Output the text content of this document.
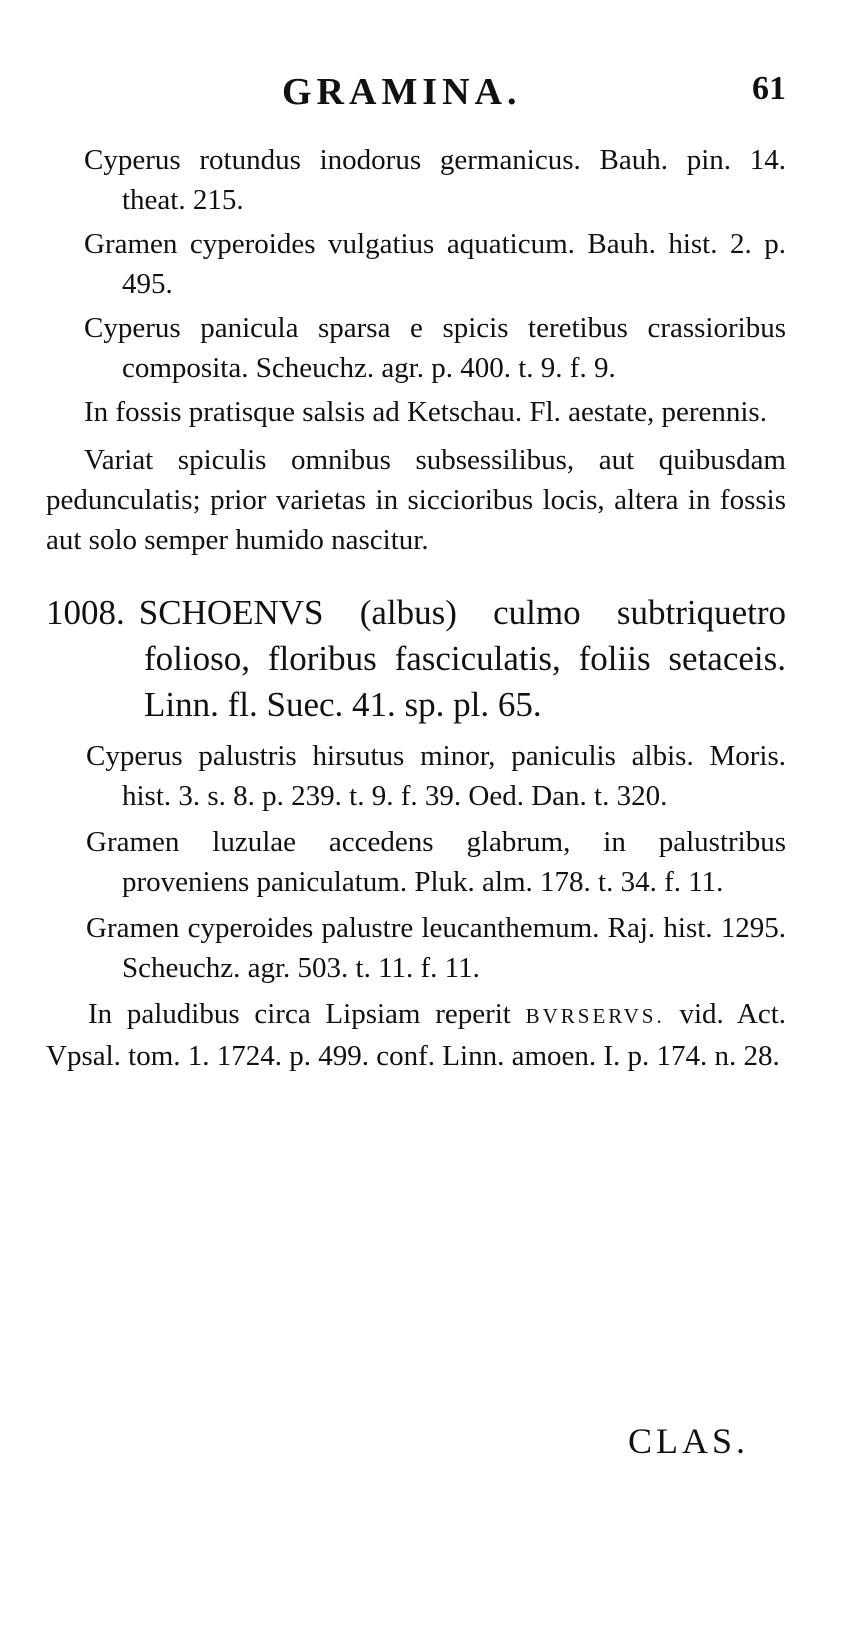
GRAMINA.	61

Cyperus rotundus inodorus germanicus. Bauh. pin. 14. theat. 215.

Gramen cyperoides vulgatius aquaticum. Bauh. hist. 2. p. 495.

Cyperus panicula sparsa e spicis teretibus crassioribus composita. Scheuchz. agr. p. 400. t. 9. f. 9.

In fossis pratisque salsis ad Ketschau. Fl. aestate, perennis.

Variat spiculis omnibus subsessilibus, aut quibusdam pedunculatis; prior varietas in siccioribus locis, altera in fossis aut solo semper humido nascitur.

1008. SCHOENVS (albus) culmo subtriquetro folioso, floribus fasciculatis, foliis setaceis. Linn. fl. Suec. 41. sp. pl. 65.

Cyperus palustris hirsutus minor, paniculis albis. Moris. hist. 3. s. 8. p. 239. t. 9. f. 39. Oed. Dan. t. 320.

Gramen luzulae accedens glabrum, in palustribus proveniens paniculatum. Pluk. alm. 178. t. 34. f. 11.

Gramen cyperoides palustre leucanthemum. Raj. hist. 1295. Scheuchz. agr. 503. t. 11. f. 11.

In paludibus circa Lipsiam reperit BVRSERVS. vid. Act. Vpsal. tom. 1. 1724. p. 499. conf. Linn. amoen. I. p. 174. n. 28.

CLAS.
